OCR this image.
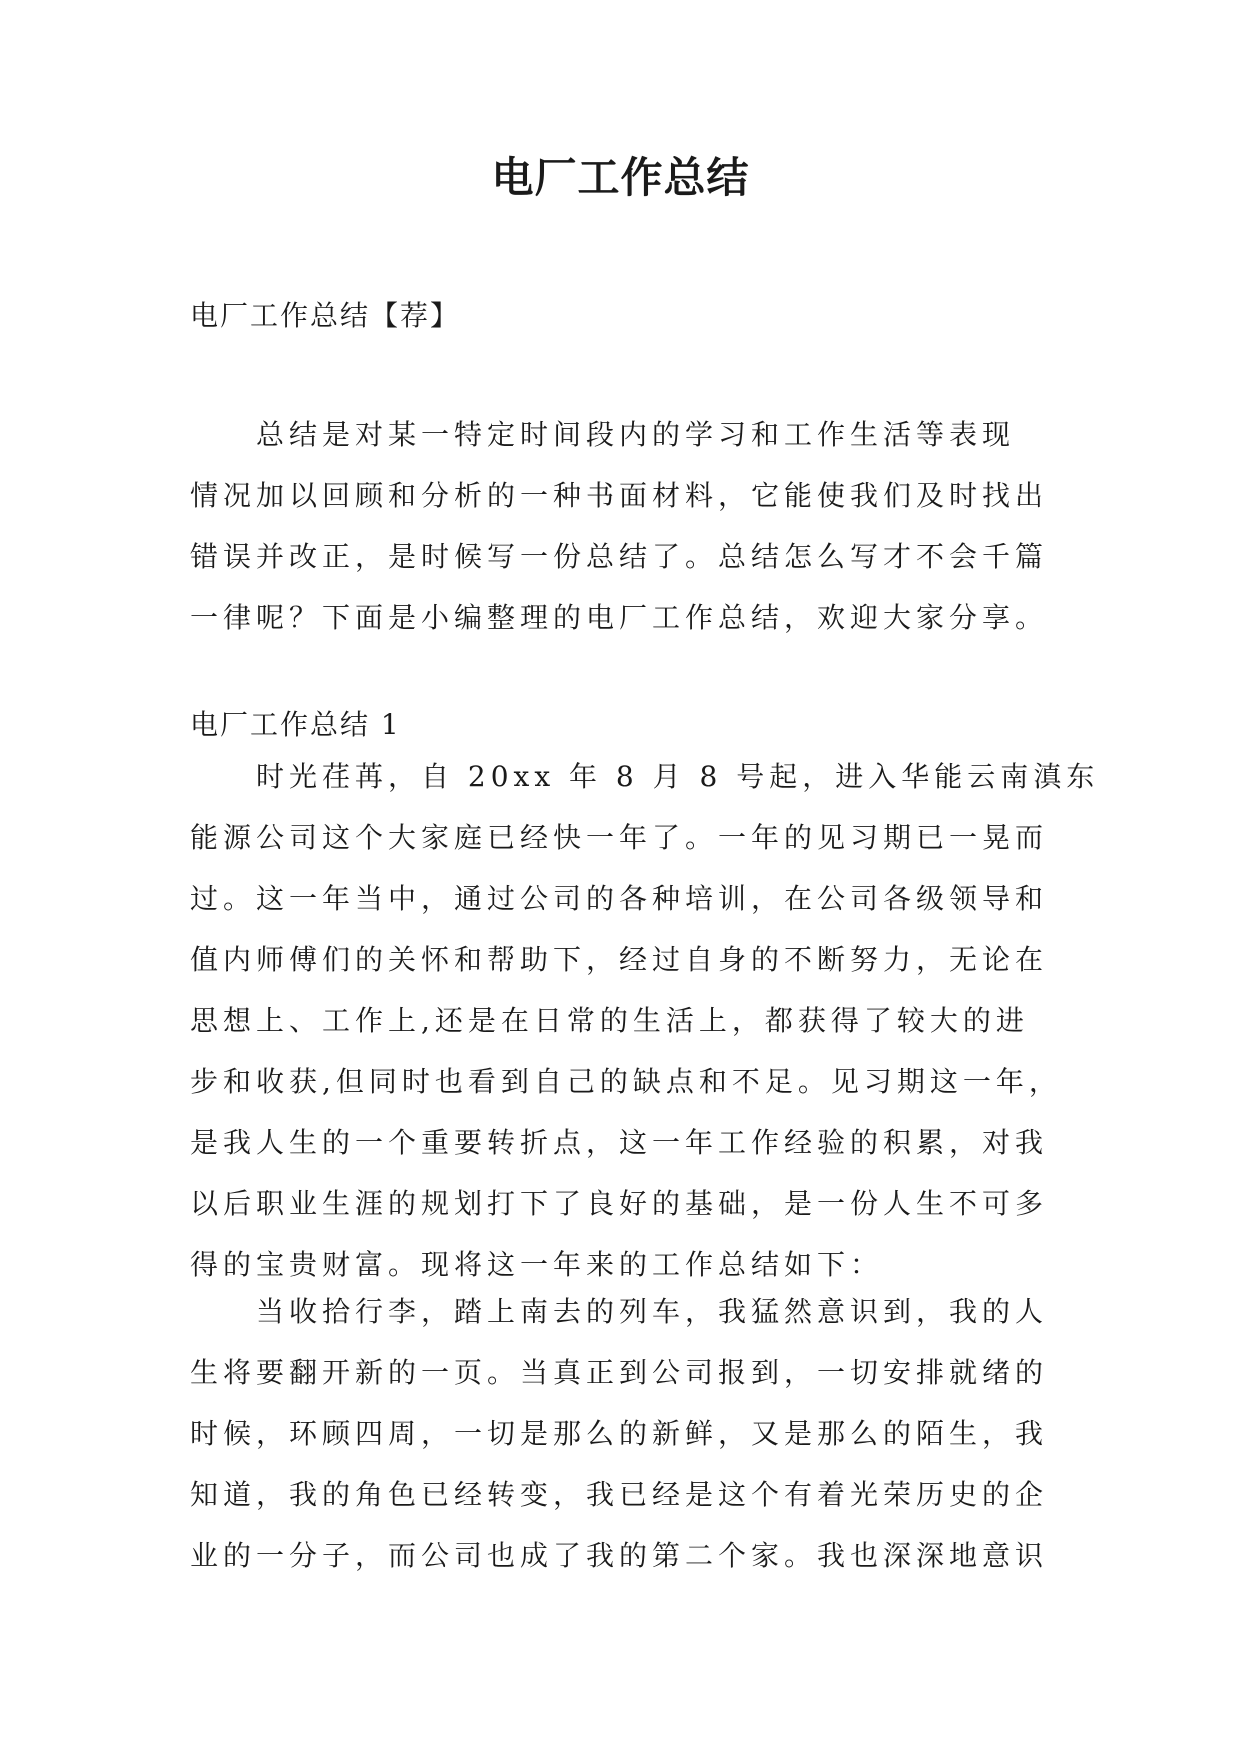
电厂工作总结
电厂工作总结【荐】
总结是对某一特定时间段内的学习和工作生活等表现
情况加以回顾和分析的一种书面材料，它能使我们及时找出
错误并改正，是时候写一份总结了。总结怎么写才不会千篇
一律呢？下面是小编整理的电厂工作总结，欢迎大家分享。
电厂工作总结 1
时光荏苒，自 20xx 年 8 月 8 号起，进入华能云南滇东
能源公司这个大家庭已经快一年了。一年的见习期已一晃而
过。这一年当中，通过公司的各种培训，在公司各级领导和
值内师傅们的关怀和帮助下，经过自身的不断努力，无论在
思想上、工作上,还是在日常的生活上，都获得了较大的进
步和收获,但同时也看到自己的缺点和不足。见习期这一年，
是我人生的一个重要转折点，这一年工作经验的积累，对我
以后职业生涯的规划打下了良好的基础，是一份人生不可多
得的宝贵财富。现将这一年来的工作总结如下：
当收拾行李，踏上南去的列车，我猛然意识到，我的人
生将要翻开新的一页。当真正到公司报到，一切安排就绪的
时候，环顾四周，一切是那么的新鲜，又是那么的陌生，我
知道，我的角色已经转变，我已经是这个有着光荣历史的企
业的一分子，而公司也成了我的第二个家。我也深深地意识
